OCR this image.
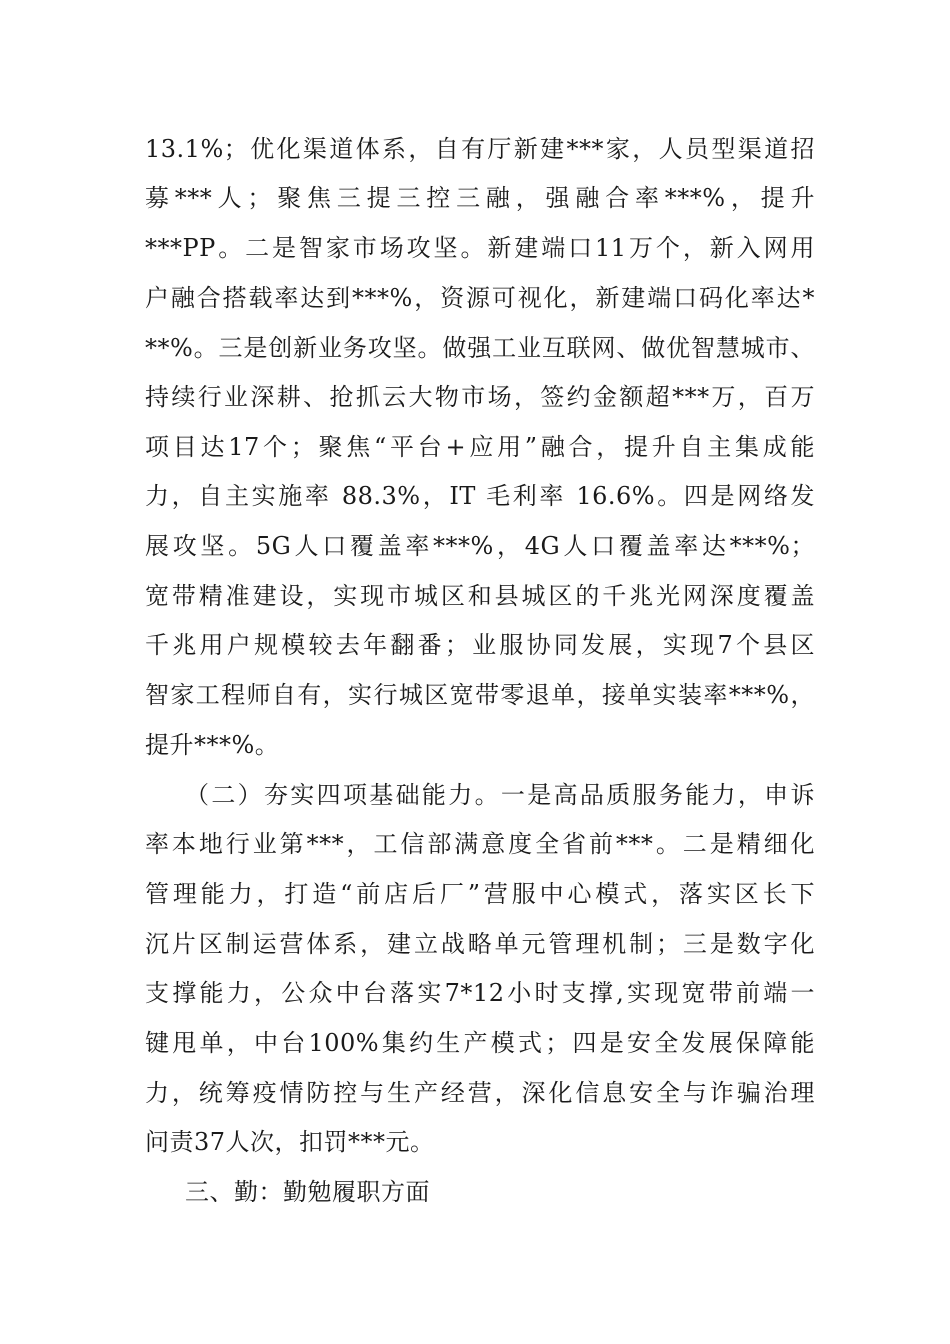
13.1%；优化渠道体系，自有厅新建***家，人员型渠道招
募***人；聚焦三提三控三融，强融合率***%，提升
***PP。二是智家市场攻坚。新建端口11万个，新入网用
户融合搭载率达到***%，资源可视化，新建端口码化率达*
**%。三是创新业务攻坚。做强工业互联网、做优智慧城市、
持续行业深耕、抢抓云大物市场，签约金额超***万，百万
项目达17个；聚焦“平台+应用”融合，提升自主集成能
力，自主实施率 88.3%，IT 毛利率 16.6%。四是网络发
展攻坚。5G人口覆盖率***%，4G人口覆盖率达***%；
宽带精准建设，实现市城区和县城区的千兆光网深度覆盖
千兆用户规模较去年翻番；业服协同发展，实现7个县区
智家工程师自有，实行城区宽带零退单，接单实装率***%，
提升***%。
（二）夯实四项基础能力。一是高品质服务能力，申诉
率本地行业第***，工信部满意度全省前***。二是精细化
管理能力，打造“前店后厂”营服中心模式，落实区长下
沉片区制运营体系，建立战略单元管理机制；三是数字化
支撑能力，公众中台落实7*12小时支撑,实现宽带前端一
键甩单，中台100%集约生产模式；四是安全发展保障能
力，统筹疫情防控与生产经营，深化信息安全与诈骗治理
问责37人次，扣罚***元。
三、勤：勤勉履职方面
